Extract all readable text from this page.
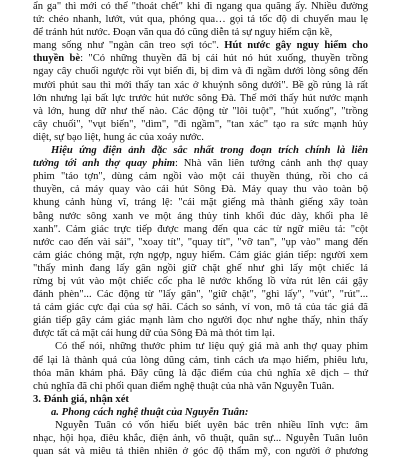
ẩn ga" thì mới có thể "thoát chết" khi đi ngang qua quãng ấy. Nhiều đường
tứ: chéo nhanh, lướt, vút qua, phóng qua… gọi tả tốc độ di chuyển mau lẹ
để tránh hút nước. Đoạn văn qua đó cũng diễn tả sự nguy hiểm cận kề,
mang sống như "ngàn cân treo sợi tóc". Hút nước gây nguy hiểm cho
thuyền bè: "Có những thuyền đã bị cái hút nó hút xuống, thuyền trồng
ngay cây chuối ngược rồi vụt biến đi, bị dìm và đi ngầm dưới lòng sông đến
mười phút sau thì mới thấy tan xác ở khuỷnh sông dưới". Bề gồ rủng là rất
lớn nhưng lại bất lực trước hút nước sông Đà. Thế mới thấy hút nước mạnh
và lớn, hung dữ như thế nào. Các động từ "lôi tuột", "hút xuống", "trồng
cây chuối", "vụt biến", "dìm", "đi ngầm", "tan xác" tạo ra sức mạnh hủy
diệt, sự bạo liệt, hung ác của xoáy nước.
Hiệu ứng điện ảnh đặc sắc nhất trong đoạn trích chính là liên
tưởng tới anh thợ quay phim: Nhà văn liên tưởng cảnh anh thợ quay
phim "táo tợn", dùng cảm ngồi vào một cái thuyền thúng, rồi cho cả
thuyền, cả máy quay vào cái hút Sông Đà. Máy quay thu vào toàn bộ
khung cảnh hùng vĩ, tráng lệ: "cái mặt giếng mà thành giếng xây toàn
bằng nước sông xanh ve một áng thủy tinh khối đúc dày, khối pha lê
xanh". Cảm giác trực tiếp được mang đến qua các từ ngữ miêu tả: "cột
nước cao đến vài sải", "xoay tít", "quay tít", "vỡ tan", "ụp vào" mang đến
cảm giác chóng mặt, rợn ngợp, nguy hiểm. Cảm giác gián tiếp: người xem
"thấy mình đang lấy gân ngồi giữ chặt ghế như ghì lấy một chiếc lá
rừng bị vút vào một chiếc cốc pha lê nước khổng lồ vừa rút lên cái gậy
đánh phèn"... Các động từ "lấy gân", "giữ chặt", "ghì lấy", "vút", "rút"...
tả cảm giác cực đại của sợ hãi. Cách so sánh, ví von, mô tả của tác giả đã
gián tiếp gây cảm giác mạnh làm cho người đọc như nghe thấy, nhìn thấy
được tất cả mặt cái hung dữ của Sông Đà mà thót tim lại.
Có thể nói, những thước phim tư liệu quý giá mà anh thợ quay phim
để lại là thành quả của lòng dũng cảm, tinh cách ưa mạo hiểm, phiêu lưu,
thỏa mãn khám phá. Đây cũng là đặc điểm của chủ nghĩa xê dịch – thứ
chủ nghĩa đã chi phối quan điểm nghệ thuật của nhà văn Nguyễn Tuân.
3. Đánh giá, nhận xét
a. Phong cách nghệ thuật của Nguyễn Tuân:
Nguyễn Tuân có vốn hiểu biết uyên bác trên nhiều lĩnh vực: âm
nhạc, hội họa, điêu khắc, điện ảnh, võ thuật, quân sự... Nguyễn Tuân luôn
quan sát và miêu tả thiên nhiên ở góc độ thẩm mỹ, con người ở phương
